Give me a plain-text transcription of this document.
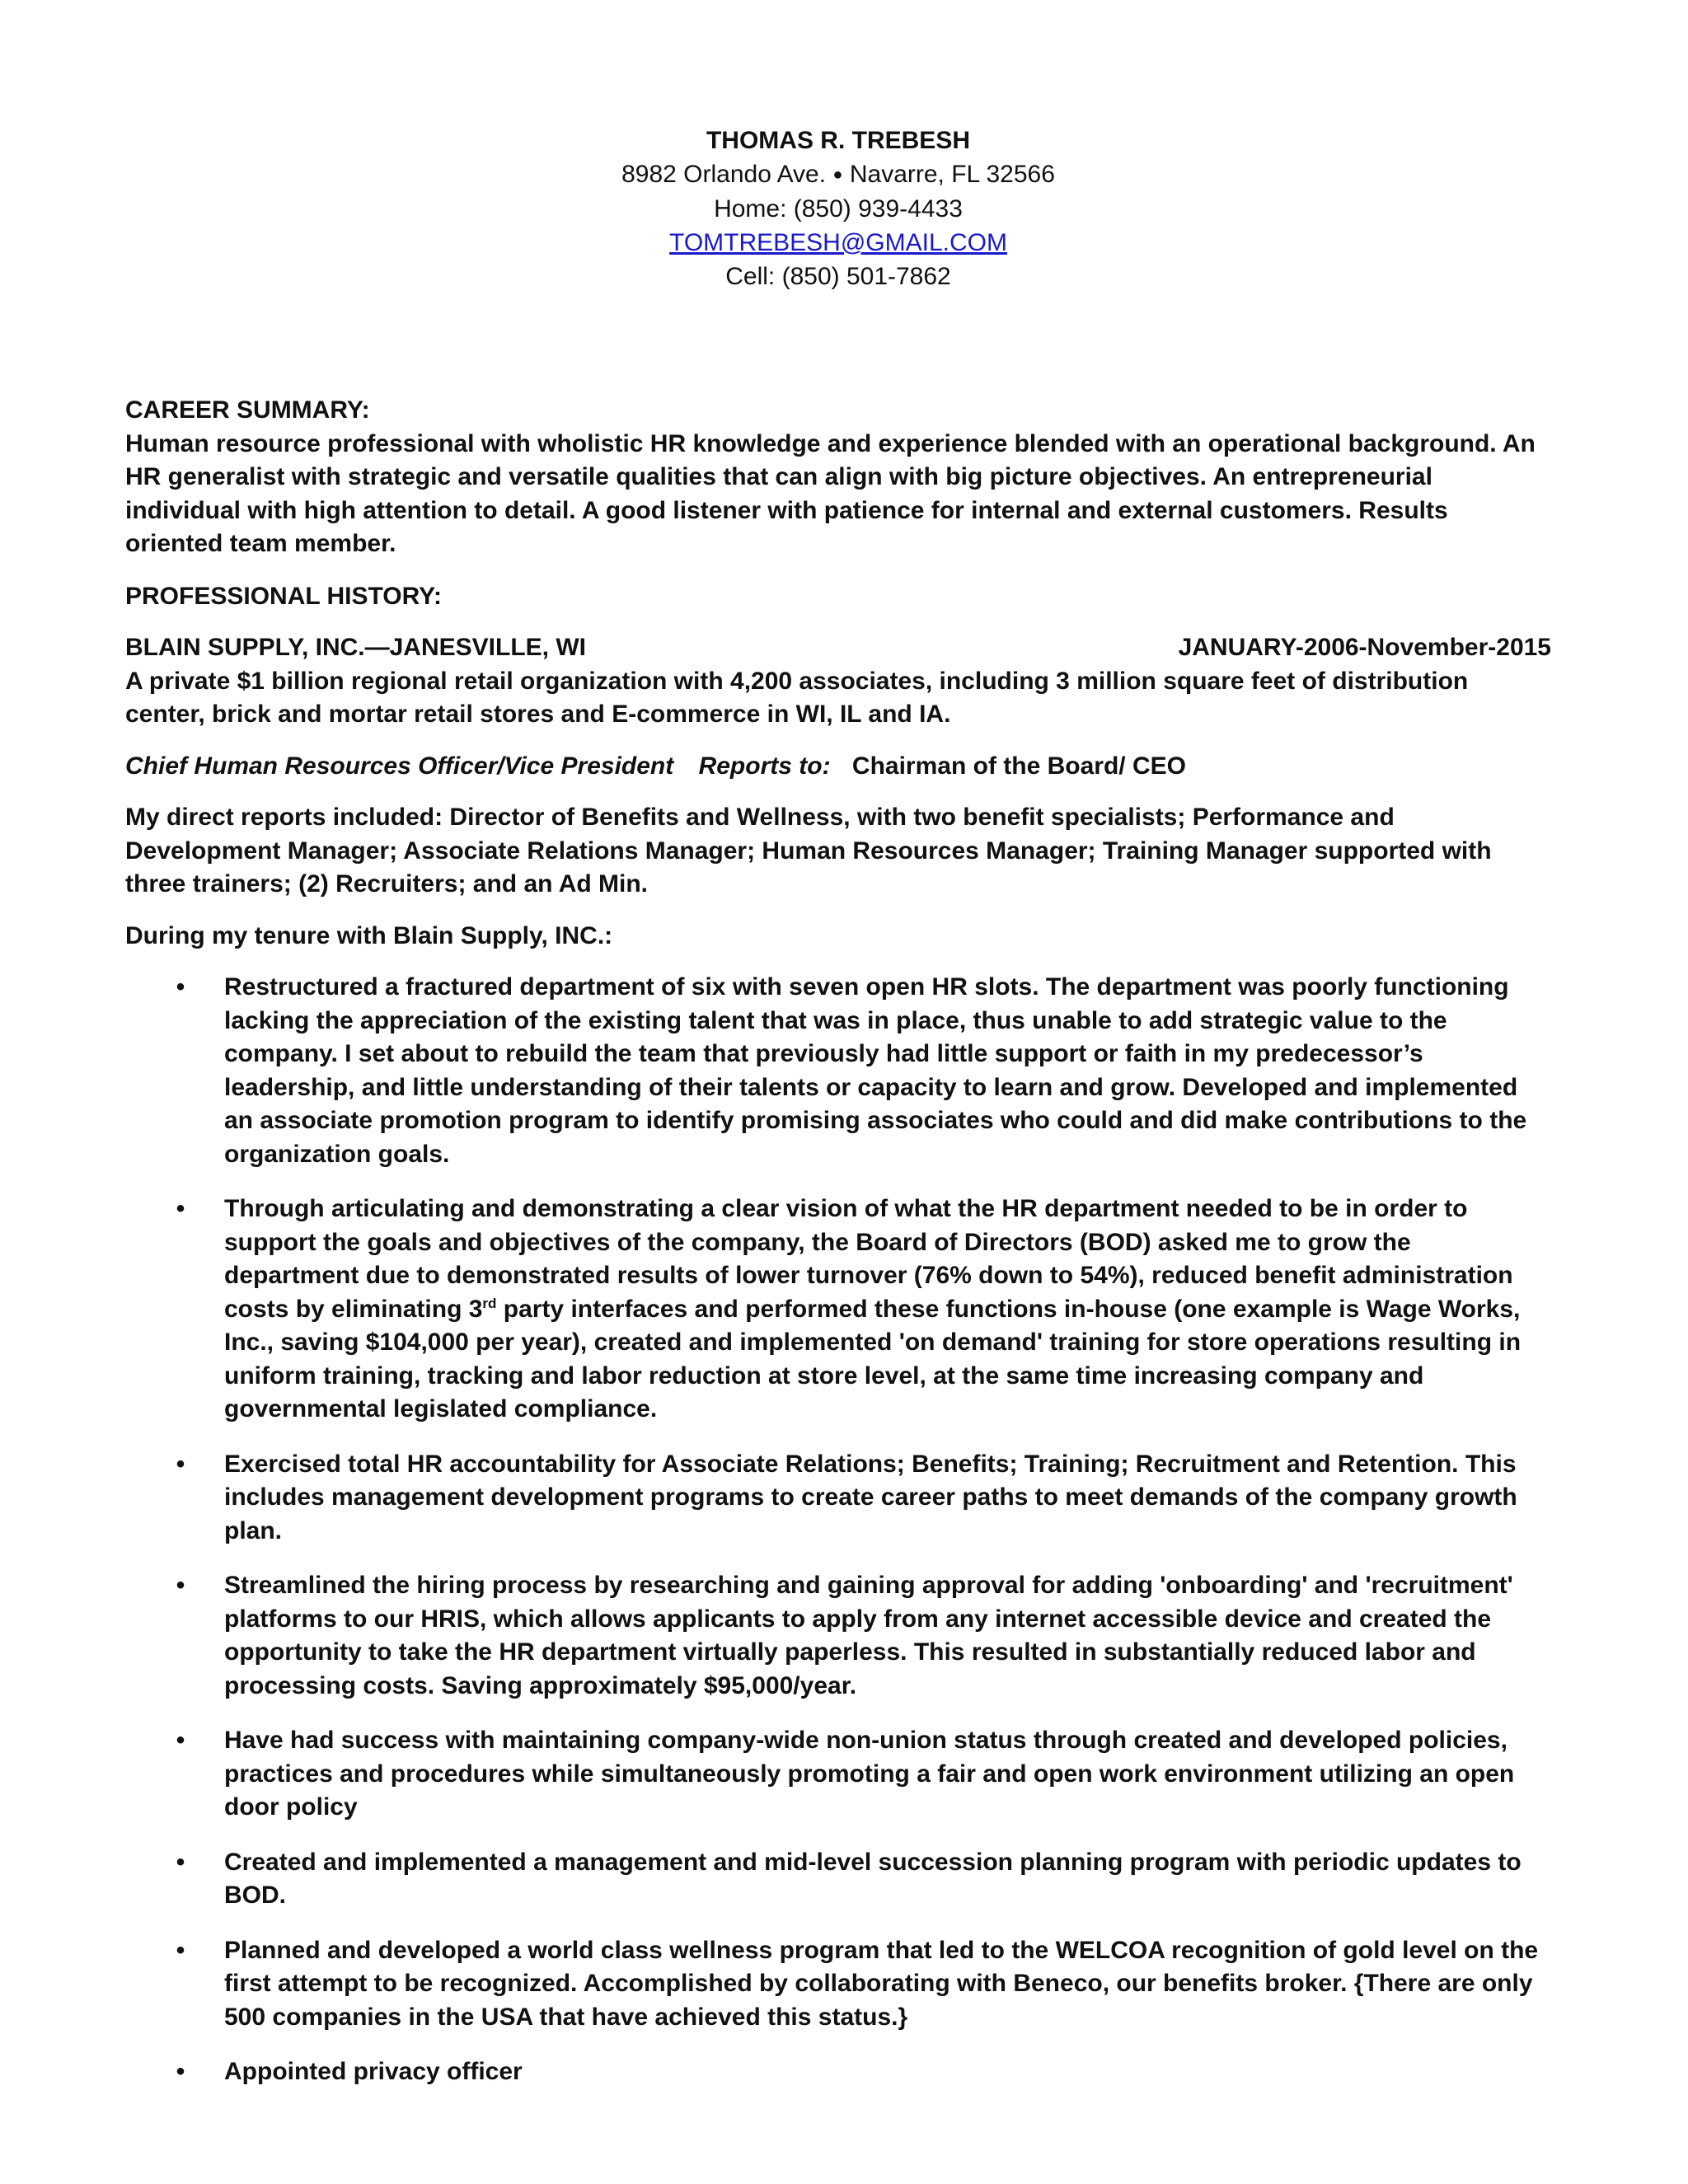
THOMAS R. TREBESH
8982 Orlando Ave. ● Navarre, FL 32566
Home: (850) 939-4433
TOMTREBESH@GMAIL.COM
Cell: (850) 501-7862
CAREER SUMMARY:

Human resource professional with wholistic HR knowledge and experience blended with an operational background. An HR generalist with strategic and versatile qualities that can align with big picture objectives. An entrepreneurial individual with high attention to detail. A good listener with patience for internal and external customers. Results oriented team member.

PROFESSIONAL HISTORY:
BLAIN SUPPLY, INC.—JANESVILLE, WI	JANUARY-2006-November-2015

A private $1 billion regional retail organization with 4,200 associates, including 3 million square feet of distribution center, brick and mortar retail stores and E-commerce in WI, IL and IA.

Chief Human Resources Officer/Vice President Reports to: Chairman of the Board/ CEO

My direct reports included: Director of Benefits and Wellness, with two benefit specialists; Performance and Development Manager; Associate Relations Manager; Human Resources Manager; Training Manager supported with three trainers; (2) Recruiters; and an Ad Min.

During my tenure with Blain Supply, INC.:

• Restructured a fractured department of six with seven open HR slots. The department was poorly functioning lacking the appreciation of the existing talent that was in place, thus unable to add strategic value to the company. I set about to rebuild the team that previously had little support or faith in my predecessor’s leadership, and little understanding of their talents or capacity to learn and grow. Developed and implemented an associate promotion program to identify promising associates who could and did make contributions to the organization goals.
• Through articulating and demonstrating a clear vision of what the HR department needed to be in order to support the goals and objectives of the company, the Board of Directors (BOD) asked me to grow the department due to demonstrated results of lower turnover (76% down to 54%), reduced benefit administration costs by eliminating 3rd party interfaces and performed these functions in-house (one example is Wage Works, Inc., saving $104,000 per year), created and implemented 'on demand' training for store operations resulting in uniform training, tracking and labor reduction at store level, at the same time increasing company and governmental legislated compliance.
• Exercised total HR accountability for Associate Relations; Benefits; Training; Recruitment and Retention. This includes management development programs to create career paths to meet demands of the company growth plan.
• Streamlined the hiring process by researching and gaining approval for adding 'onboarding' and 'recruitment' platforms to our HRIS, which allows applicants to apply from any internet accessible device and created the opportunity to take the HR department virtually paperless. This resulted in substantially reduced labor and processing costs. Saving approximately $95,000/year.
• Have had success with maintaining company-wide non-union status through created and developed policies, practices and procedures while simultaneously promoting a fair and open work environment utilizing an open door policy
• Created and implemented a management and mid-level succession planning program with periodic updates to BOD.
• Planned and developed a world class wellness program that led to the WELCOA recognition of gold level on the first attempt to be recognized. Accomplished by collaborating with Beneco, our benefits broker. {There are only 500 companies in the USA that have achieved this status.}
• Appointed privacy officer
